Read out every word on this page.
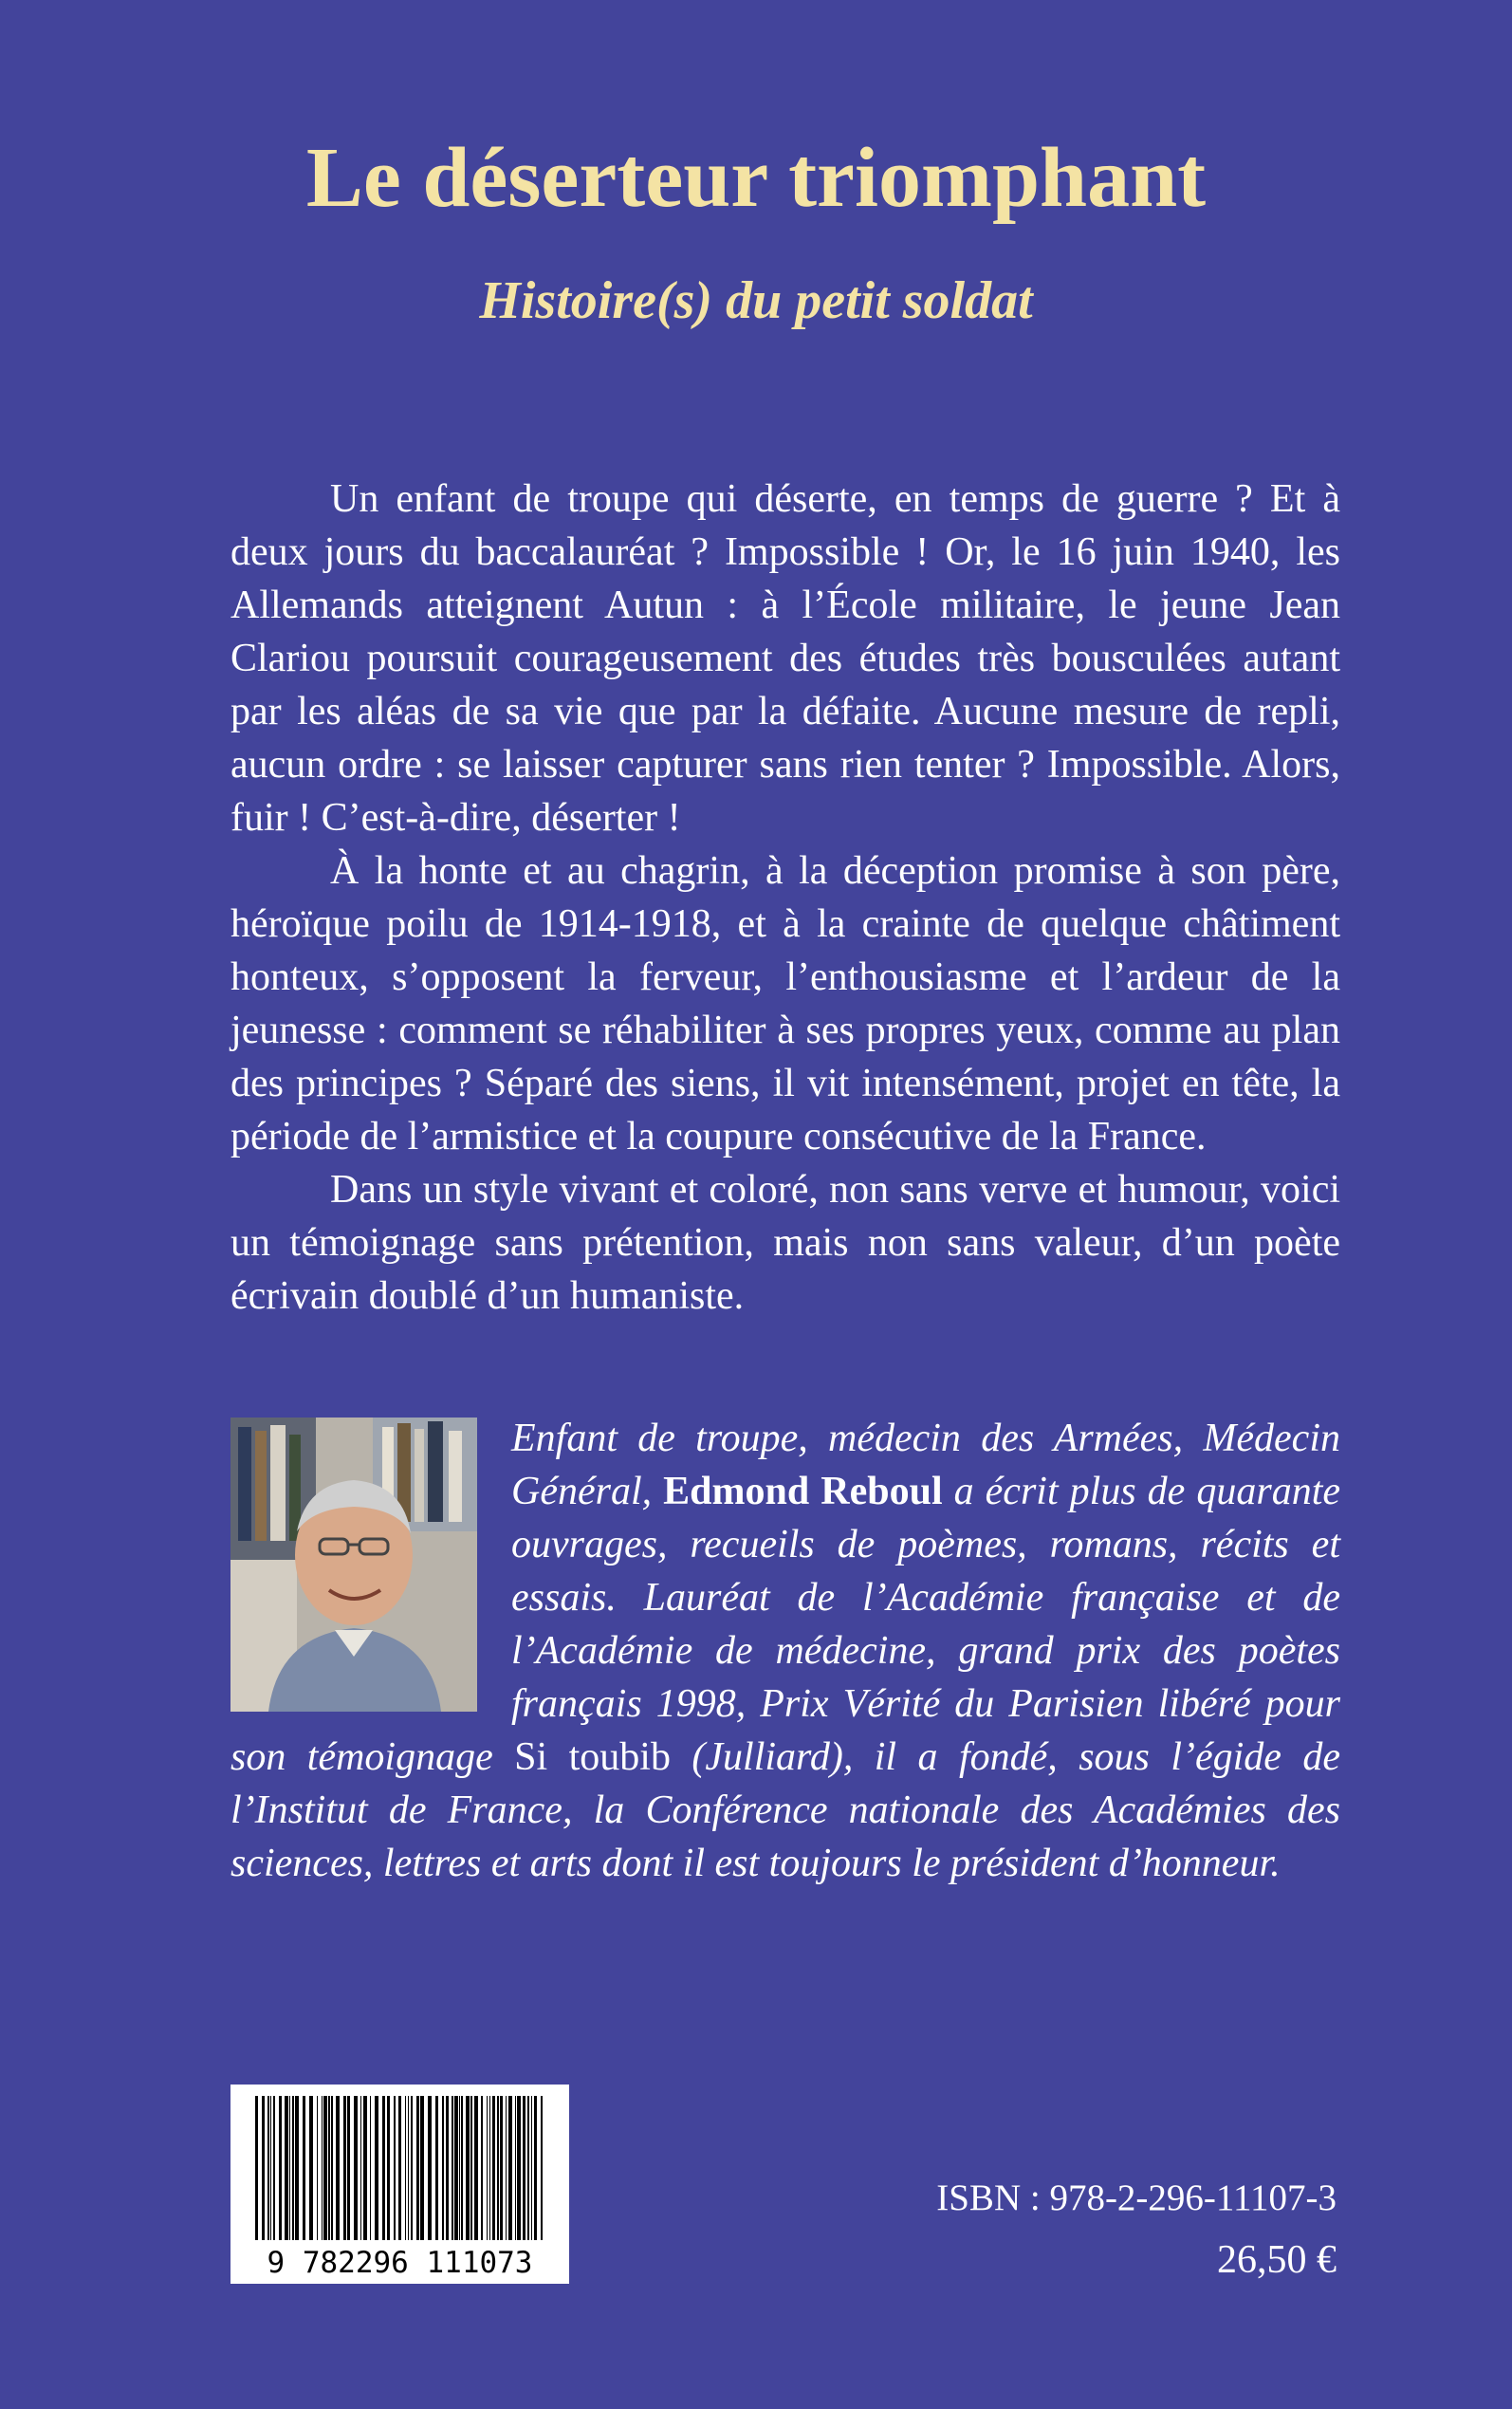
Le déserteur triomphant
Histoire(s) du petit soldat

Un enfant de troupe qui déserte, en temps de guerre ? Et à deux jours du baccalauréat ? Impossible ! Or, le 16 juin 1940, les Allemands atteignent Autun : à l’École militaire, le jeune Jean Clariou poursuit courageusement des études très bousculées autant par les aléas de sa vie que par la défaite. Aucune mesure de repli, aucun ordre : se laisser capturer sans rien tenter ? Impossible. Alors, fuir ! C’est-à-dire, déserter !

À la honte et au chagrin, à la déception promise à son père, héroïque poilu de 1914-1918, et à la crainte de quelque châtiment honteux, s’opposent la ferveur, l’enthousiasme et l’ardeur de la jeunesse : comment se réhabiliter à ses propres yeux, comme au plan des principes ? Séparé des siens, il vit intensément, projet en tête, la période de l’armistice et la coupure consécutive de la France.

Dans un style vivant et coloré, non sans verve et humour, voici un témoignage sans prétention, mais non sans valeur, d’un poète écrivain doublé d’un humaniste.

Enfant de troupe, médecin des Armées, Médecin Général, Edmond Reboul a écrit plus de quarante ouvrages, recueils de poèmes, romans, récits et essais. Lauréat de l’Académie française et de l’Académie de médecine, grand prix des poètes français 1998, Prix Vérité du Parisien libéré pour son témoignage Si toubib (Julliard), il a fondé, sous l’égide de l’Institut de France, la Conférence nationale des Académies des sciences, lettres et arts dont il est toujours le président d’honneur.
9 782296 111073
ISBN : 978-2-296-11107-3
26,50 €
